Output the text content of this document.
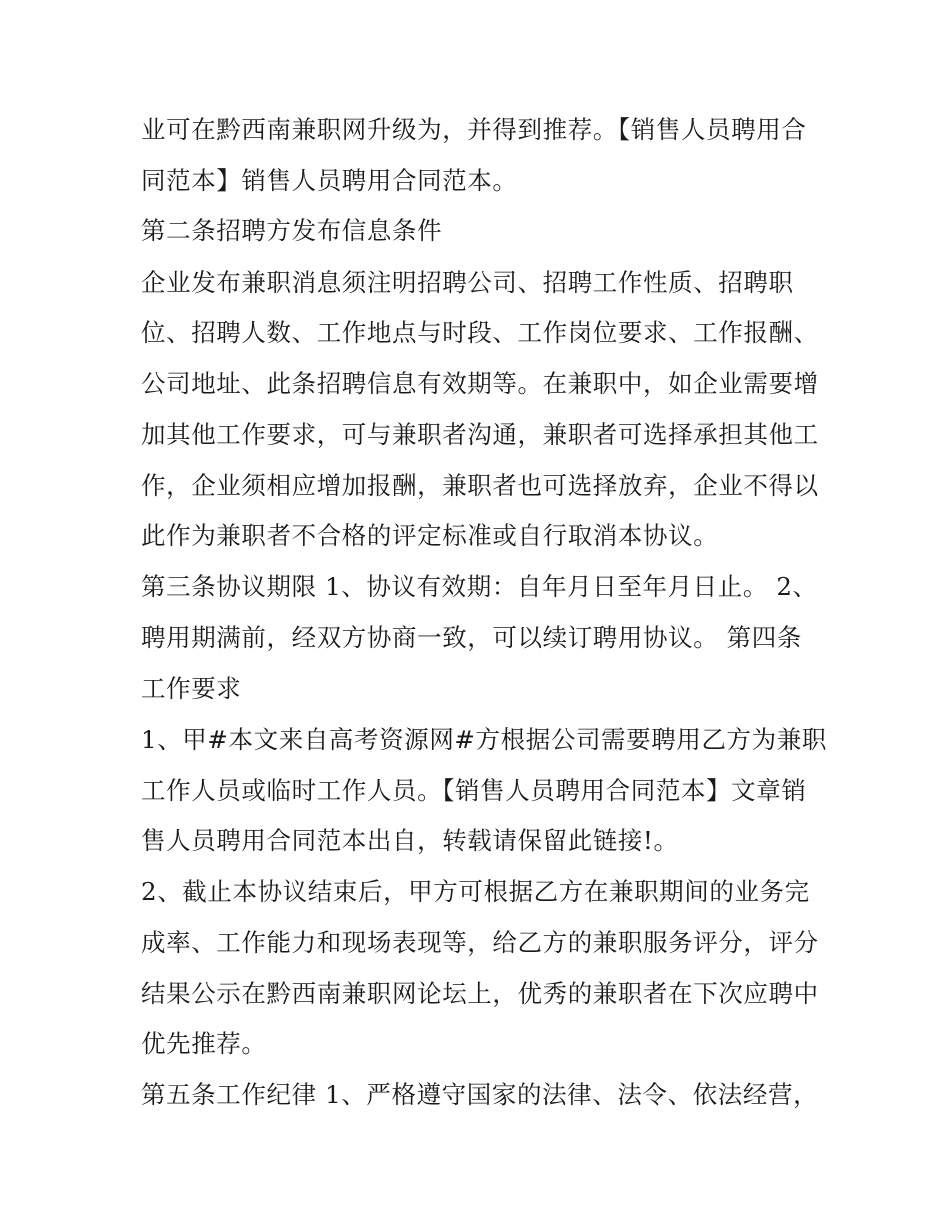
业可在黔西南兼职网升级为，并得到推荐。【销售人员聘用合
同范本】销售人员聘用合同范本。
第二条招聘方发布信息条件
企业发布兼职消息须注明招聘公司、招聘工作性质、招聘职
位、招聘人数、工作地点与时段、工作岗位要求、工作报酬、
公司地址、此条招聘信息有效期等。在兼职中，如企业需要增
加其他工作要求，可与兼职者沟通，兼职者可选择承担其他工
作，企业须相应增加报酬，兼职者也可选择放弃，企业不得以
此作为兼职者不合格的评定标准或自行取消本协议。
第三条协议期限 1、协议有效期：自年月日至年月日止。 2、
聘用期满前，经双方协商一致，可以续订聘用协议。 第四条
工作要求
1、甲#本文来自高考资源网#方根据公司需要聘用乙方为兼职
工作人员或临时工作人员。【销售人员聘用合同范本】文章销
售人员聘用合同范本出自，转载请保留此链接!。
2、截止本协议结束后，甲方可根据乙方在兼职期间的业务完
成率、工作能力和现场表现等，给乙方的兼职服务评分，评分
结果公示在黔西南兼职网论坛上，优秀的兼职者在下次应聘中
优先推荐。
第五条工作纪律 1、严格遵守国家的法律、法令、依法经营，
